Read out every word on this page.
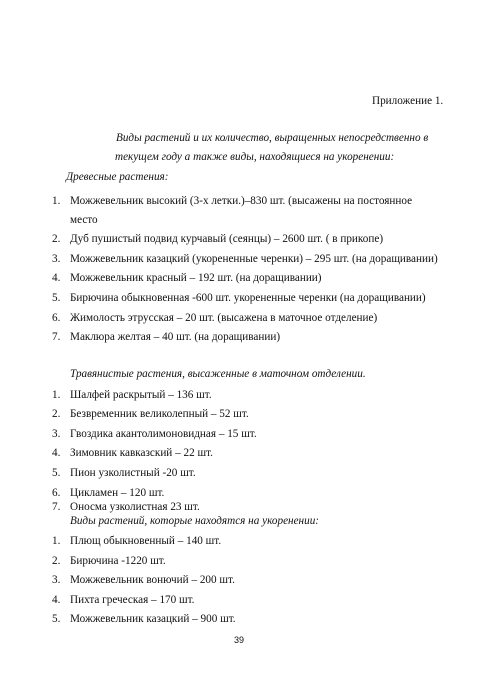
Приложение 1.
Виды растений и их количество, выращенных непосредственно в
текущем году а также виды, находящиеся на укоренении:
Древесные растения:
1. Можжевельник высокий (3-х летки.)–830 шт. (высажены на постоянное
место
2. Дуб пушистый подвид курчавый (сеянцы) – 2600 шт. ( в прикопе)
3. Можжевельник казацкий (укорененные черенки) – 295 шт. (на доращивании)
4. Можжевельник красный – 192 шт. (на доращивании)
5. Бирючина обыкновенная -600 шт. укорененные черенки (на доращивании)
6. Жимолость этрусская – 20 шт. (высажена в маточное отделение)
7. Маклюра желтая – 40 шт. (на доращивании)
Травянистые растения, высаженные в маточном отделении.
1. Шалфей раскрытый – 136 шт.
2. Безвременник великолепный – 52 шт.
3. Гвоздика акантолимоновидная – 15 шт.
4. Зимовник кавказский – 22 шт.
5. Пион узколистный -20 шт.
6. Цикламен – 120 шт.
7. Оносма узколистная 23 шт.
Виды растений, которые находятся на укоренении:
1. Плющ обыкновенный – 140 шт.
2. Бирючина -1220 шт.
3. Можжевельник вонючий – 200 шт.
4. Пихта греческая – 170 шт.
5. Можжевельник казацкий – 900 шт.
39
